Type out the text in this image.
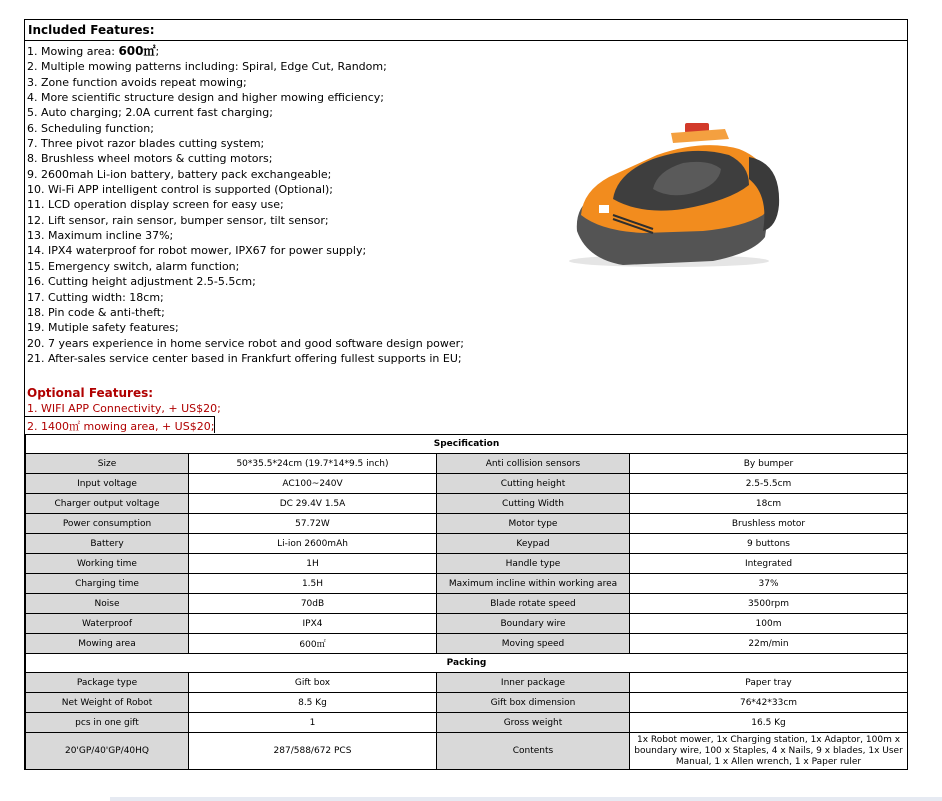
Included Features:
1. Mowing area: 600㎡;
2. Multiple mowing patterns including: Spiral, Edge Cut, Random;
3. Zone function avoids repeat mowing;
4. More scientific structure design and higher mowing efficiency;
5. Auto charging; 2.0A current fast charging;
6. Scheduling function;
7. Three pivot razor blades cutting system;
8. Brushless wheel motors & cutting motors;
9. 2600mah Li-ion battery, battery pack exchangeable;
10. Wi-Fi APP intelligent control is supported (Optional);
11. LCD operation display screen for easy use;
12. Lift sensor, rain sensor, bumper sensor, tilt sensor;
13. Maximum incline 37%;
14. IPX4 waterproof for robot mower, IPX67 for power supply;
15. Emergency switch, alarm function;
16. Cutting height adjustment 2.5-5.5cm;
17. Cutting width: 18cm;
18. Pin code & anti-theft;
19. Mutiple safety features;
20. 7 years experience in home service robot and good software design power;
21. After-sales service center based in Frankfurt offering fullest supports in EU;
Optional Features:
1. WIFI APP Connectivity, + US$20;
2. 1400㎡ mowing area, + US$20;
Specification			
Size	50*35.5*24cm (19.7*14*9.5 inch)	Anti collision sensors	By bumper
Input voltage	AC100~240V	Cutting height	2.5-5.5cm
Charger output voltage	DC 29.4V 1.5A	Cutting Width	18cm
Power consumption	57.72W	Motor type	Brushless motor
Battery	Li-ion 2600mAh	Keypad	9 buttons
Working time	1H	Handle type	Integrated
Charging time	1.5H	Maximum incline within working area	37%
Noise	70dB	Blade rotate speed	3500rpm
Waterproof	IPX4	Boundary wire	100m
Mowing area	600㎡	Moving speed	22m/min
Packing			
Package type	Gift box	Inner package	Paper tray
Net Weight of Robot	8.5 Kg	Gift box dimension	76*42*33cm
pcs in one gift	1	Gross weight	16.5 Kg
20'GP/40'GP/40HQ	287/588/672 PCS	Contents	1x Robot mower, 1x Charging station, 1x Adaptor, 100m x boundary wire, 100 x Staples, 4 x Nails, 9 x blades, 1x User Manual, 1 x Allen wrench, 1 x Paper ruler
